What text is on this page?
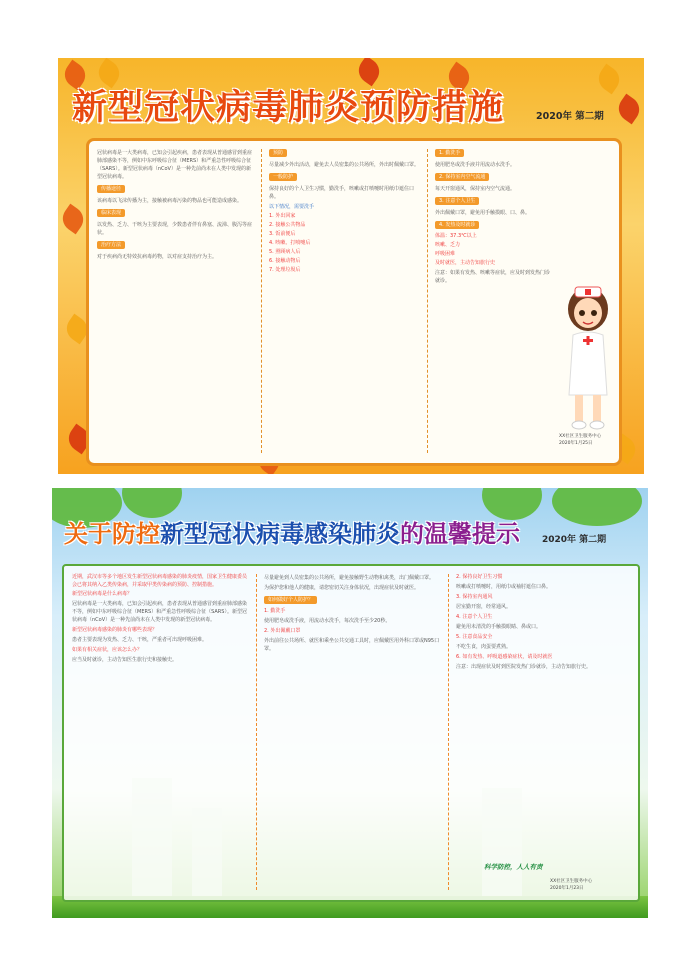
新型冠状病毒肺炎预防措施	2020年 第二期
冠状病毒是一大类病毒，已知会引起疾病，患者表现从普通感冒到重症肺部感染不等，例如中东呼吸综合征（MERS）和严重急性呼吸综合征（SARS）。新型冠状病毒（nCoV）是一种先前尚未在人类中发现的新型冠状病毒。
传播途径
该病毒以飞沫传播为主，接触被病毒污染的物品也可能造成感染。
临床表现
以发热、乏力、干咳为主要表现，少数患者伴有鼻塞、流涕、腹泻等症状。
治疗方法
对于疾病尚无特效抗病毒药物，以对症支持治疗为主。
预防
尽量减少外出活动，避免去人员密集的公共场所，外出时佩戴口罩。
一般防护
保持良好的个人卫生习惯，勤洗手，咳嗽或打喷嚏时用纸巾遮住口鼻。
以下情况，需要洗手
1. 外出回家
2. 接触公共物品
3. 饭前便后
4. 咳嗽、打喷嚏后
5. 照顾病人后
6. 接触动物后
7. 处理垃圾后
1. 勤洗手
使用肥皂或洗手液并用流动水洗手。
2. 保持室内空气流通
每天开窗通风，保持室内空气流通。
3. 注意个人卫生
外出佩戴口罩，避免用手触摸眼、口、鼻。
4. 发热及时就诊
体温：37.3℃以上
咳嗽、乏力
呼吸困难
及时就医，主动告知旅行史
注意：如果有发热、咳嗽等症状，应及时到发热门诊就诊。
XX社区卫生服务中心
2020年1月25日
关于防控新型冠状病毒感染肺炎的温馨提示 2020年 第二期
近期，武汉市等多个地区发生新型冠状病毒感染的肺炎疫情，国家卫生健康委员会已将其纳入乙类传染病，并采取甲类传染病的预防、控制措施。
新型冠状病毒是什么病毒？
冠状病毒是一大类病毒，已知会引起疾病，患者表现从普通感冒到重症肺部感染不等，例如中东呼吸综合征（MERS）和严重急性呼吸综合征（SARS）。新型冠状病毒（nCoV）是一种先前尚未在人类中发现的新型冠状病毒。
新型冠状病毒感染的肺炎有哪些表现？
患者主要表现为发热、乏力、干咳，严重者可出现呼吸困难。
如果有相关症状，应该怎么办？
应当及时就诊，主动告知医生旅行史和接触史。
尽量避免到人员密集的公共场所，避免接触野生动物和禽类，出门佩戴口罩。
为保护您和他人的健康，请您密切关注身体状况，出现症状及时就医。
如何做好个人防护？
1. 勤洗手
使用肥皂或洗手液，用流动水洗手，每次洗手至少20秒。
2. 外出佩戴口罩
外出前往公共场所、就医和乘坐公共交通工具时，应佩戴医用外科口罩或N95口罩。
2. 保持良好卫生习惯
咳嗽或打喷嚏时，用纸巾或袖肘遮住口鼻。
3. 保持室内通风
居室勤开窗，经常通风。
4. 注意个人卫生
避免用未清洗的手触摸眼睛、鼻或口。
5. 注意食品安全
不吃生食，肉蛋要煮熟。
6. 如有发热、呼吸道感染症状，请及时就医
注意：出现症状及时到医院发热门诊就诊，主动告知旅行史。
科学防控，人人有责
XX社区卫生服务中心
2020年1月23日
